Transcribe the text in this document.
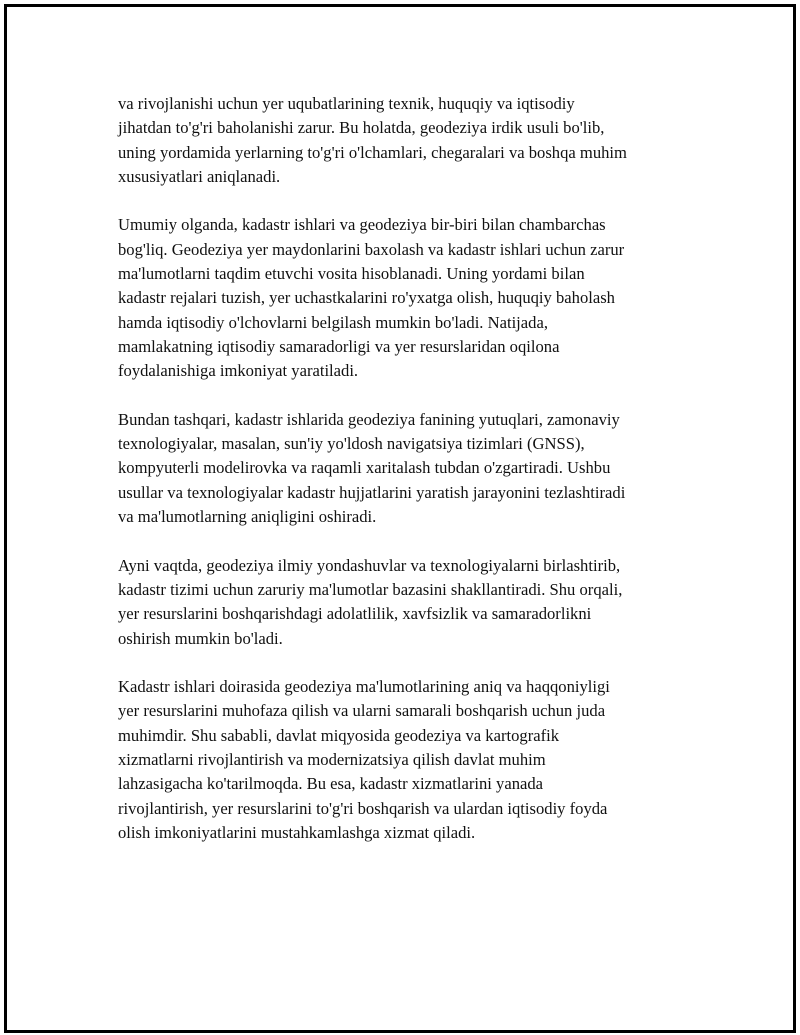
va rivojlanishi uchun yer uqubatlarining texnik, huquqiy va iqtisodiy
jihatdan to'g'ri baholanishi zarur. Bu holatda, geodeziya irdik usuli bo'lib,
uning yordamida yerlarning to'g'ri o'lchamlari, chegaralari va boshqa muhim
xususiyatlari aniqlanadi.

Umumiy olganda, kadastr ishlari va geodeziya bir-biri bilan chambarchas
bog'liq. Geodeziya yer maydonlarini baxolash va kadastr ishlari uchun zarur
ma'lumotlarni taqdim etuvchi vosita hisoblanadi. Uning yordami bilan
kadastr rejalari tuzish, yer uchastkalarini ro'yxatga olish, huquqiy baholash
hamda iqtisodiy o'lchovlarni belgilash mumkin bo'ladi. Natijada,
mamlakatning iqtisodiy samaradorligi va yer resurslaridan oqilona
foydalanishiga imkoniyat yaratiladi.

Bundan tashqari, kadastr ishlarida geodeziya fanining yutuqlari, zamonaviy
texnologiyalar, masalan, sun'iy yo'ldosh navigatsiya tizimlari (GNSS),
kompyuterli modelirovka va raqamli xaritalash tubdan o'zgartiradi. Ushbu
usullar va texnologiyalar kadastr hujjatlarini yaratish jarayonini tezlashtiradi
va ma'lumotlarning aniqligini oshiradi.

Ayni vaqtda, geodeziya ilmiy yondashuvlar va texnologiyalarni birlashtirib,
kadastr tizimi uchun zaruriy ma'lumotlar bazasini shakllantiradi. Shu orqali,
yer resurslarini boshqarishdagi adolatlilik, xavfsizlik va samaradorlikni
oshirish mumkin bo'ladi.

Kadastr ishlari doirasida geodeziya ma'lumotlarining aniq va haqqoniyligi
yer resurslarini muhofaza qilish va ularni samarali boshqarish uchun juda
muhimdir. Shu sababli, davlat miqyosida geodeziya va kartografik
xizmatlarni rivojlantirish va modernizatsiya qilish davlat muhim
lahzasigacha ko'tarilmoqda. Bu esa, kadastr xizmatlarini yanada
rivojlantirish, yer resurslarini to'g'ri boshqarish va ulardan iqtisodiy foyda
olish imkoniyatlarini mustahkamlashga xizmat qiladi.
